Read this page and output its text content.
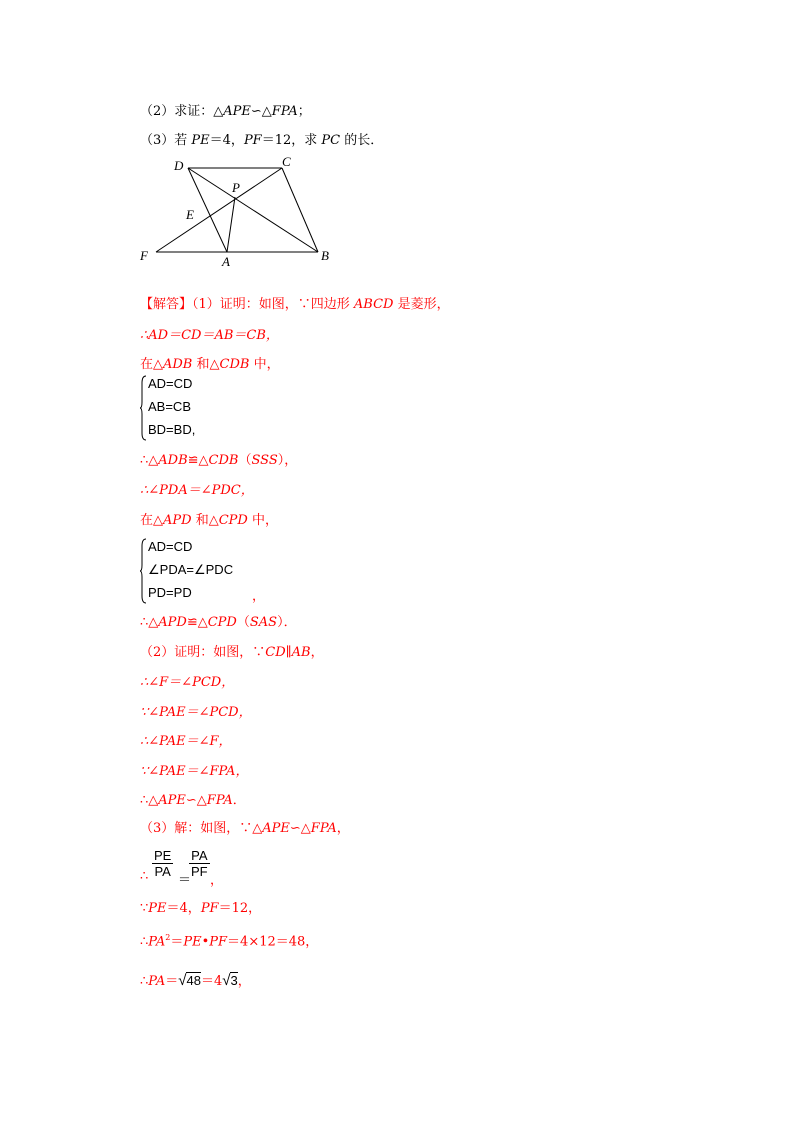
（2）求证：△APE∽△FPA；
（3）若 PE＝4，PF＝12，求 PC 的长．
D	C
P
E
F	A	B
【解答】（1）证明：如图，∵四边形 ABCD 是菱形，
∴AD＝CD＝AB＝CB，
在△ADB 和△CDB 中，
AD=CD
AB=CB
BD=BD,
∴△ADB≌△CDB（SSS），
∴∠PDA＝∠PDC，
在△APD 和△CPD 中，
AD=CD
∠PDA=∠PDC
PD=PD	，
∴△APD≌△CPD（SAS）．
（2）证明：如图，∵CD∥AB，
∴∠F＝∠PCD，
∵∠PAE＝∠PCD，
∴∠PAE＝∠F，
∵∠PAE＝∠FPA，
∴△APE∽△FPA．
（3）解：如图，∵△APE∽△FPA，
∴
PE
PA
＝
PA
PF
，
∵PE＝4，PF＝12，
$\therefore PA^2=PE•PF=4\times 12=48$，
∴PA＝√48＝4√3，
